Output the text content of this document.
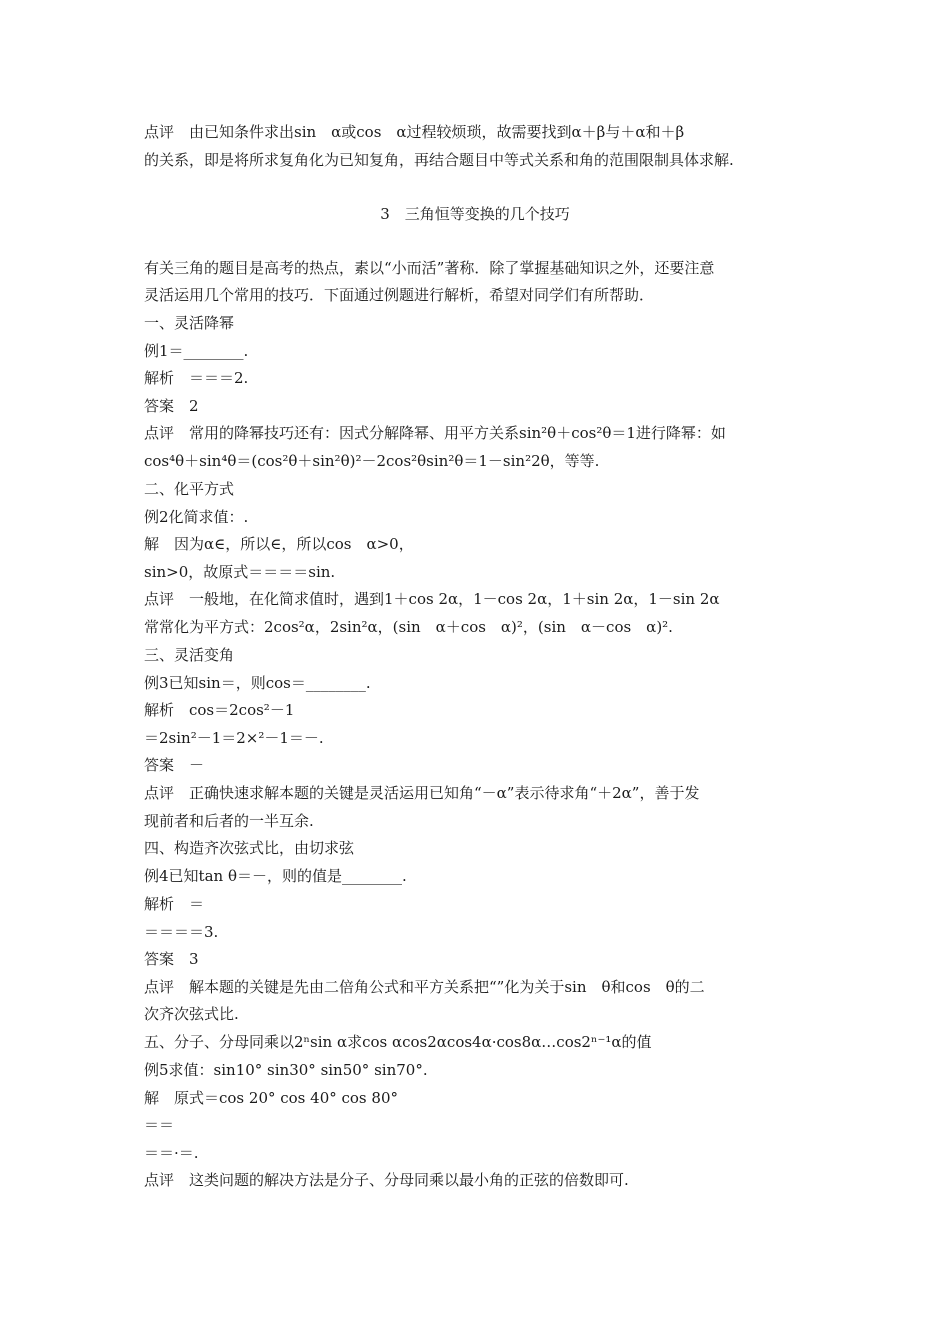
点评　由已知条件求出sin　α或cos　α过程较烦琐，故需要找到α＋β与＋α和＋β
的关系，即是将所求复角化为已知复角，再结合题目中等式关系和角的范围限制具体求解.
3　三角恒等变换的几个技巧
有关三角的题目是高考的热点，素以“小而活”著称．除了掌握基础知识之外，还要注意
灵活运用几个常用的技巧．下面通过例题进行解析，希望对同学们有所帮助．
一、灵活降幂
例1＝________.
解析　＝＝＝2.
答案　2
点评　常用的降幂技巧还有：因式分解降幂、用平方关系sin²θ＋cos²θ＝1进行降幂：如
cos⁴θ＋sin⁴θ＝(cos²θ＋sin²θ)²－2cos²θsin²θ＝1－sin²2θ，等等.
二、化平方式
例2化简求值：.
解　因为α∈，所以∈，所以cos　α>0，
sin>0，故原式＝＝＝＝sin.
点评　一般地，在化简求值时，遇到1＋cos 2α，1－cos 2α，1＋sin 2α，1－sin 2α
常常化为平方式：2cos²α，2sin²α，(sin　α＋cos　α)²，(sin　α－cos　α)².
三、灵活变角
例3已知sin＝，则cos＝________.
解析　cos＝2cos²－1
＝2sin²－1＝2×²－1＝－.
答案　－
点评　正确快速求解本题的关键是灵活运用已知角“－α”表示待求角“＋2α”，善于发
现前者和后者的一半互余.
四、构造齐次弦式比，由切求弦
例4已知tan θ＝－，则的值是________.
解析　＝
＝＝＝＝3.
答案　3
点评　解本题的关键是先由二倍角公式和平方关系把“”化为关于sin　θ和cos　θ的二
次齐次弦式比.
五、分子、分母同乘以2ⁿsin α求cos αcos2αcos4α·cos8α…cos2ⁿ⁻¹α的值
例5求值：sin10° sin30° sin50° sin70°.
解　原式＝cos 20° cos 40° cos 80°
＝＝
＝＝·＝.
点评　这类问题的解决方法是分子、分母同乘以最小角的正弦的倍数即可.
